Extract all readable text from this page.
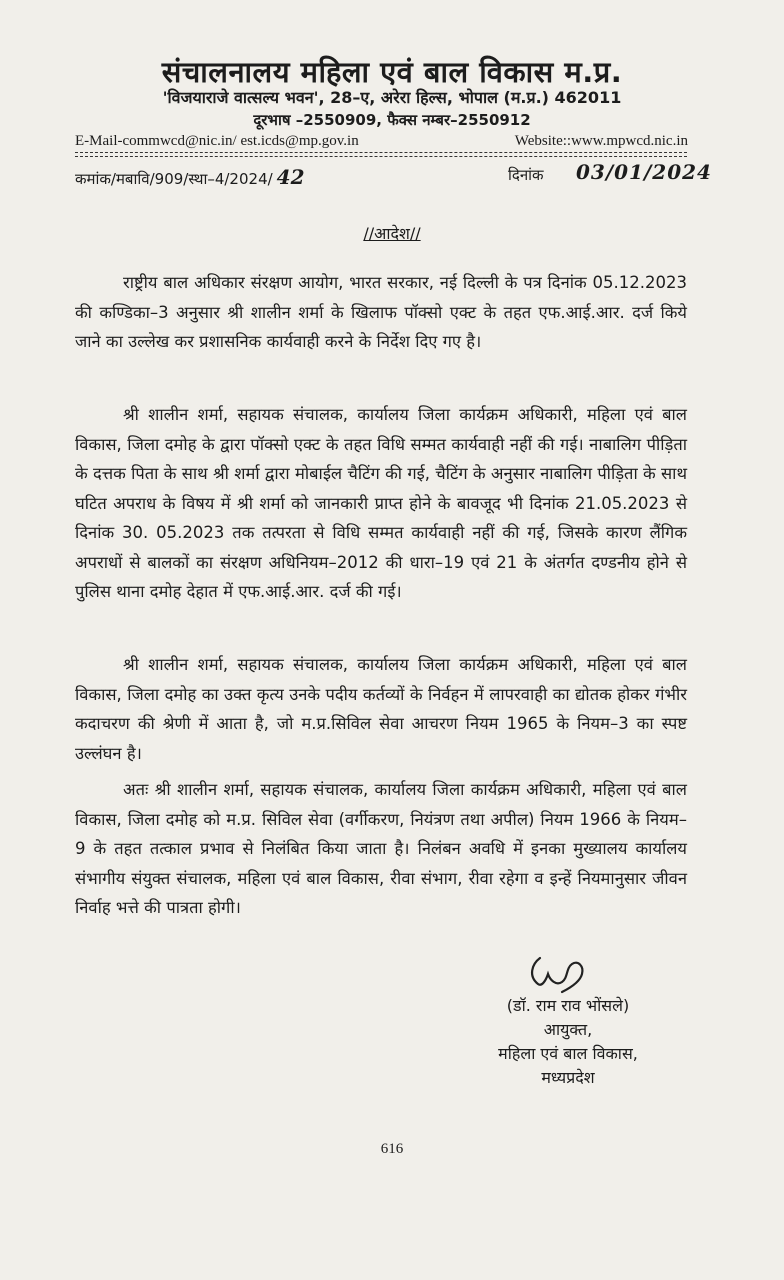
संचालनालय महिला एवं बाल विकास म.प्र.
'विजयाराजे वात्सल्य भवन', 28–ए, अरेरा हिल्स, भोपाल (म.प्र.) 462011
दूरभाष –2550909, फैक्स नम्बर–2550912
E-Mail-commwcd@nic.in/ est.icds@mp.gov.in	Website::www.mpwcd.nic.in
कमांक/मबावि/909/स्था–4/2024/ 42	दिनांक 03/01/2024
//आदेश//

राष्ट्रीय बाल अधिकार संरक्षण आयोग, भारत सरकार, नई दिल्ली के पत्र दिनांक 05.12.2023 की कण्डिका–3 अनुसार श्री शालीन शर्मा के खिलाफ पॉक्सो एक्ट के तहत एफ.आई.आर. दर्ज किये जाने का उल्लेख कर प्रशासनिक कार्यवाही करने के निर्देश दिए गए है।

श्री शालीन शर्मा, सहायक संचालक, कार्यालय जिला कार्यक्रम अधिकारी, महिला एवं बाल विकास, जिला दमोह के द्वारा पॉक्सो एक्ट के तहत विधि सम्मत कार्यवाही नहीं की गई। नाबालिग पीड़िता के दत्तक पिता के साथ श्री शर्मा द्वारा मोबाईल चैटिंग की गई, चैटिंग के अनुसार नाबालिग पीड़िता के साथ घटित अपराध के विषय में श्री शर्मा को जानकारी प्राप्त होने के बावजूद भी दिनांक 21.05.2023 से दिनांक 30. 05.2023 तक तत्परता से विधि सम्मत कार्यवाही नहीं की गई, जिसके कारण लैंगिक अपराधों से बालकों का संरक्षण अधिनियम–2012 की धारा–19 एवं 21 के अंतर्गत दण्डनीय होने से पुलिस थाना दमोह देहात में एफ.आई.आर. दर्ज की गई।

श्री शालीन शर्मा, सहायक संचालक, कार्यालय जिला कार्यक्रम अधिकारी, महिला एवं बाल विकास, जिला दमोह का उक्त कृत्य उनके पदीय कर्तव्यों के निर्वहन में लापरवाही का द्योतक होकर गंभीर कदाचरण की श्रेणी में आता है, जो म.प्र.सिविल सेवा आचरण नियम 1965 के नियम–3 का स्पष्ट उल्लंघन है।

अतः श्री शालीन शर्मा, सहायक संचालक, कार्यालय जिला कार्यक्रम अधिकारी, महिला एवं बाल विकास, जिला दमोह को म.प्र. सिविल सेवा (वर्गीकरण, नियंत्रण तथा अपील) नियम 1966 के नियम–9 के तहत तत्काल प्रभाव से निलंबित किया जाता है। निलंबन अवधि में इनका मुख्यालय कार्यालय संभागीय संयुक्त संचालक, महिला एवं बाल विकास, रीवा संभाग, रीवा रहेगा व इन्हें नियमानुसार जीवन निर्वाह भत्ते की पात्रता होगी।

(डॉ. राम राव भोंसले)
आयुक्त,
महिला एवं बाल विकास,
मध्यप्रदेश
616
